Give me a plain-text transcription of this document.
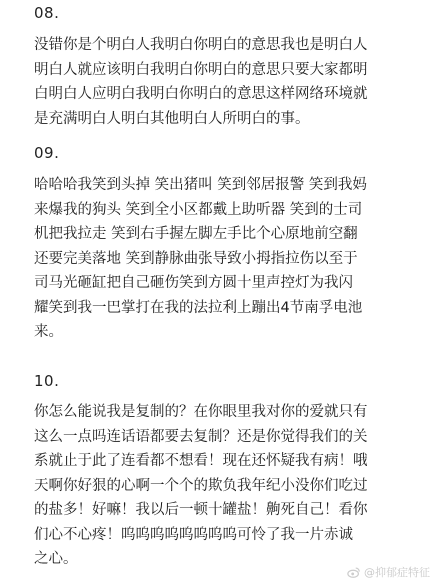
08.
没错你是个明白人我明白你明白的意思我也是明白人
明白人就应该明白我明白你明白的意思只要大家都明
白明白人应明白我明白你明白的意思这样网络环境就
是充满明白人明白其他明白人所明白的事。
09.
哈哈哈我笑到头掉 笑出猪叫 笑到邻居报警 笑到我妈
来爆我的狗头 笑到全小区都戴上助听器 笑到的士司
机把我拉走 笑到右手握左脚左手比个心原地前空翻
还要完美落地 笑到静脉曲张导致小拇指拉伤以至于
司马光砸缸把自己砸伤笑到方圆十里声控灯为我闪
耀笑到我一巴掌打在我的法拉利上蹦出4节南孚电池
来。
10.
你怎么能说我是复制的？在你眼里我对你的爱就只有
这么一点吗连话语都要去复制？还是你觉得我们的关
系就止于此了连看都不想看！现在还怀疑我有病！哦
天啊你好狠的心啊一个个的欺负我年纪小没你们吃过
的盐多！好嘛！我以后一顿十罐盐！齁死自己！看你
们心不心疼！呜呜呜呜呜呜呜呜可怜了我一片赤诚
之心。
@抑郁症特征
